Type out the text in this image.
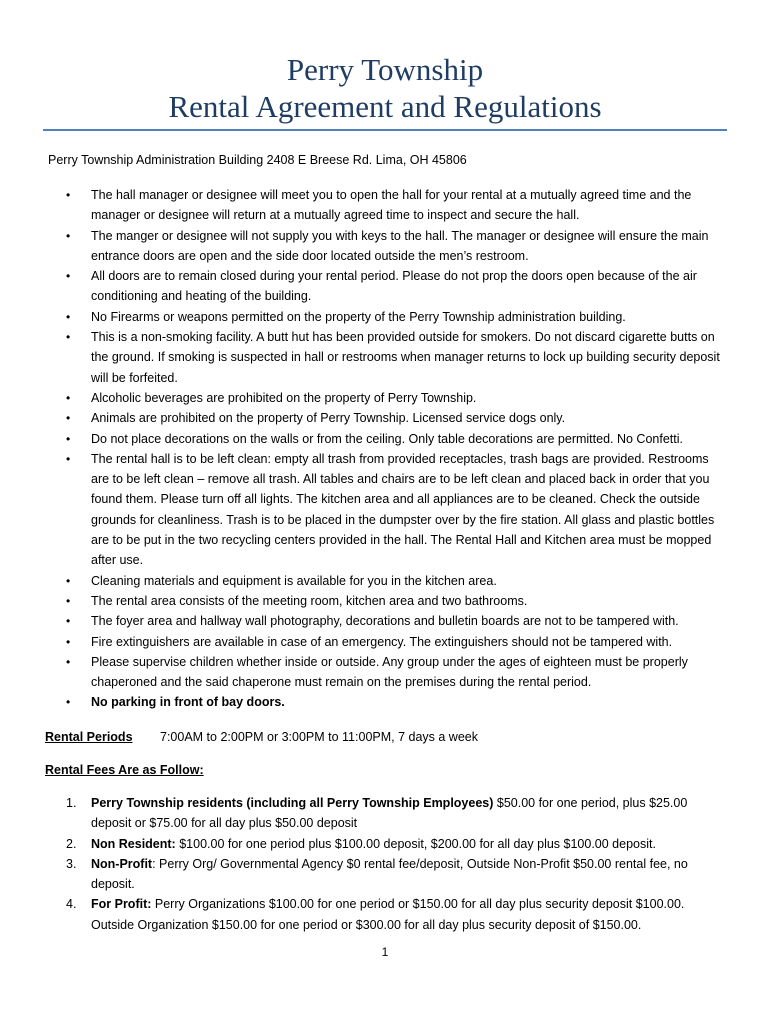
Perry Township
Rental Agreement and Regulations
Perry Township Administration Building 2408 E Breese Rd. Lima, OH 45806
• The hall manager or designee will meet you to open the hall for your rental at a mutually agreed time and the manager or designee will return at a mutually agreed time to inspect and secure the hall.
• The manger or designee will not supply you with keys to the hall. The manager or designee will ensure the main entrance doors are open and the side door located outside the men’s restroom.
• All doors are to remain closed during your rental period. Please do not prop the doors open because of the air conditioning and heating of the building.
• No Firearms or weapons permitted on the property of the Perry Township administration building.
• This is a non-smoking facility. A butt hut has been provided outside for smokers. Do not discard cigarette butts on the ground. If smoking is suspected in hall or restrooms when manager returns to lock up building security deposit will be forfeited.
• Alcoholic beverages are prohibited on the property of Perry Township.
• Animals are prohibited on the property of Perry Township. Licensed service dogs only.
• Do not place decorations on the walls or from the ceiling. Only table decorations are permitted. No Confetti.
• The rental hall is to be left clean: empty all trash from provided receptacles, trash bags are provided. Restrooms are to be left clean – remove all trash. All tables and chairs are to be left clean and placed back in order that you found them. Please turn off all lights. The kitchen area and all appliances are to be cleaned. Check the outside grounds for cleanliness. Trash is to be placed in the dumpster over by the fire station. All glass and plastic bottles are to be put in the two recycling centers provided in the hall. The Rental Hall and Kitchen area must be mopped after use.
• Cleaning materials and equipment is available for you in the kitchen area.
• The rental area consists of the meeting room, kitchen area and two bathrooms.
• The foyer area and hallway wall photography, decorations and bulletin boards are not to be tampered with.
• Fire extinguishers are available in case of an emergency. The extinguishers should not be tampered with.
• Please supervise children whether inside or outside. Any group under the ages of eighteen must be properly chaperoned and the said chaperone must remain on the premises during the rental period.
• No parking in front of bay doors.
Rental Periods 7:00AM to 2:00PM or 3:00PM to 11:00PM, 7 days a week
Rental Fees Are as Follow:
1. Perry Township residents (including all Perry Township Employees) $50.00 for one period, plus $25.00 deposit or $75.00 for all day plus $50.00 deposit
2. Non Resident: $100.00 for one period plus $100.00 deposit, $200.00 for all day plus $100.00 deposit.
3. Non-Profit: Perry Org/ Governmental Agency $0 rental fee/deposit, Outside Non-Profit $50.00 rental fee, no deposit.
4. For Profit: Perry Organizations $100.00 for one period or $150.00 for all day plus security deposit $100.00. Outside Organization $150.00 for one period or $300.00 for all day plus security deposit of $150.00.
1
